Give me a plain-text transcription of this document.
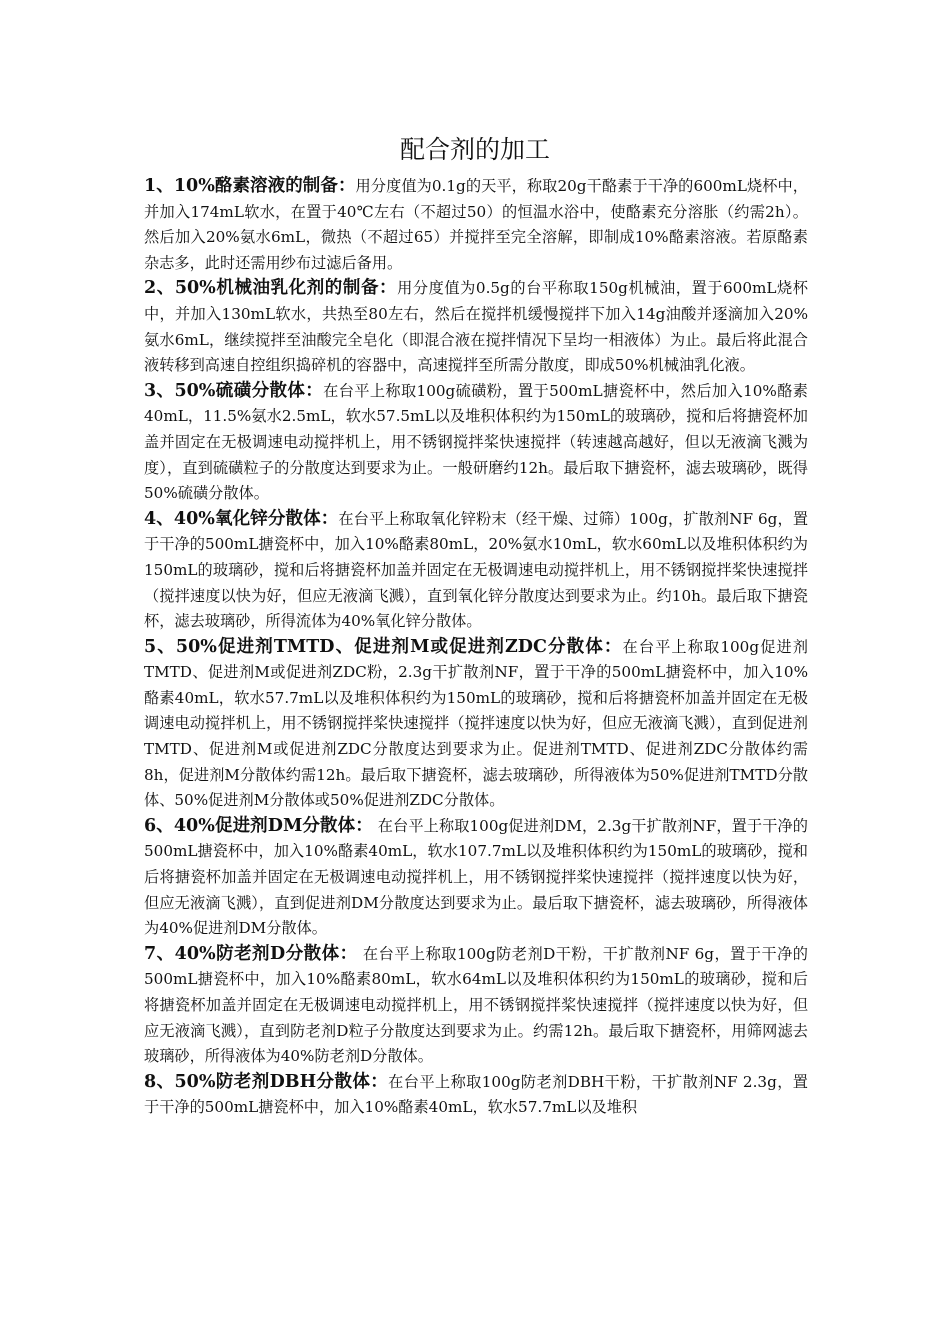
配合剂的加工

1、10%酪素溶液的制备：用分度值为0.1g的天平，称取20g干酪素于干净的600mL烧杯中，并加入174mL软水，在置于40℃左右（不超过50）的恒温水浴中，使酪素充分溶胀（约需2h）。然后加入20%氨水6mL，微热（不超过65）并搅拌至完全溶解，即制成10%酪素溶液。若原酪素杂志多，此时还需用纱布过滤后备用。

2、50%机械油乳化剂的制备：用分度值为0.5g的台平称取150g机械油，置于600mL烧杯中，并加入130mL软水，共热至80左右，然后在搅拌机缓慢搅拌下加入14g油酸并逐滴加入20%氨水6mL，继续搅拌至油酸完全皂化（即混合液在搅拌情况下呈均一相液体）为止。最后将此混合液转移到高速自控组织捣碎机的容器中，高速搅拌至所需分散度，即成50%机械油乳化液。

3、50%硫磺分散体：在台平上称取100g硫磺粉，置于500mL搪瓷杯中，然后加入10%酪素40mL，11.5%氨水2.5mL，软水57.5mL以及堆积体积约为150mL的玻璃砂，搅和后将搪瓷杯加盖并固定在无极调速电动搅拌机上，用不锈钢搅拌桨快速搅拌（转速越高越好，但以无液滴飞溅为度），直到硫磺粒子的分散度达到要求为止。一般研磨约12h。最后取下搪瓷杯，滤去玻璃砂，既得50%硫磺分散体。

4、40%氧化锌分散体：在台平上称取氧化锌粉末（经干燥、过筛）100g，扩散剂NF 6g，置于干净的500mL搪瓷杯中，加入10%酪素80mL，20%氨水10mL，软水60mL以及堆积体积约为150mL的玻璃砂，搅和后将搪瓷杯加盖并固定在无极调速电动搅拌机上，用不锈钢搅拌桨快速搅拌（搅拌速度以快为好，但应无液滴飞溅），直到氧化锌分散度达到要求为止。约10h。最后取下搪瓷杯，滤去玻璃砂，所得流体为40%氧化锌分散体。

5、50%促进剂TMTD、促进剂M或促进剂ZDC分散体：在台平上称取100g促进剂TMTD、促进剂M或促进剂ZDC粉，2.3g干扩散剂NF，置于干净的500mL搪瓷杯中，加入10%酪素40mL，软水57.7mL以及堆积体积约为150mL的玻璃砂，搅和后将搪瓷杯加盖并固定在无极调速电动搅拌机上，用不锈钢搅拌桨快速搅拌（搅拌速度以快为好，但应无液滴飞溅），直到促进剂TMTD、促进剂M或促进剂ZDC分散度达到要求为止。促进剂TMTD、促进剂ZDC分散体约需8h，促进剂M分散体约需12h。最后取下搪瓷杯，滤去玻璃砂，所得液体为50%促进剂TMTD分散体、50%促进剂M分散体或50%促进剂ZDC分散体。

6、40%促进剂DM分散体： 在台平上称取100g促进剂DM，2.3g干扩散剂NF，置于干净的500mL搪瓷杯中，加入10%酪素40mL，软水107.7mL以及堆积体积约为150mL的玻璃砂，搅和后将搪瓷杯加盖并固定在无极调速电动搅拌机上，用不锈钢搅拌桨快速搅拌（搅拌速度以快为好，但应无液滴飞溅），直到促进剂DM分散度达到要求为止。最后取下搪瓷杯，滤去玻璃砂，所得液体为40%促进剂DM分散体。

7、40%防老剂D分散体： 在台平上称取100g防老剂D干粉，干扩散剂NF 6g，置于干净的500mL搪瓷杯中，加入10%酪素80mL，软水64mL以及堆积体积约为150mL的玻璃砂，搅和后将搪瓷杯加盖并固定在无极调速电动搅拌机上，用不锈钢搅拌桨快速搅拌（搅拌速度以快为好，但应无液滴飞溅），直到防老剂D粒子分散度达到要求为止。约需12h。最后取下搪瓷杯，用筛网滤去玻璃砂，所得液体为40%防老剂D分散体。

8、50%防老剂DBH分散体：在台平上称取100g防老剂DBH干粉，干扩散剂NF 2.3g，置于干净的500mL搪瓷杯中，加入10%酪素40mL，软水57.7mL以及堆积
